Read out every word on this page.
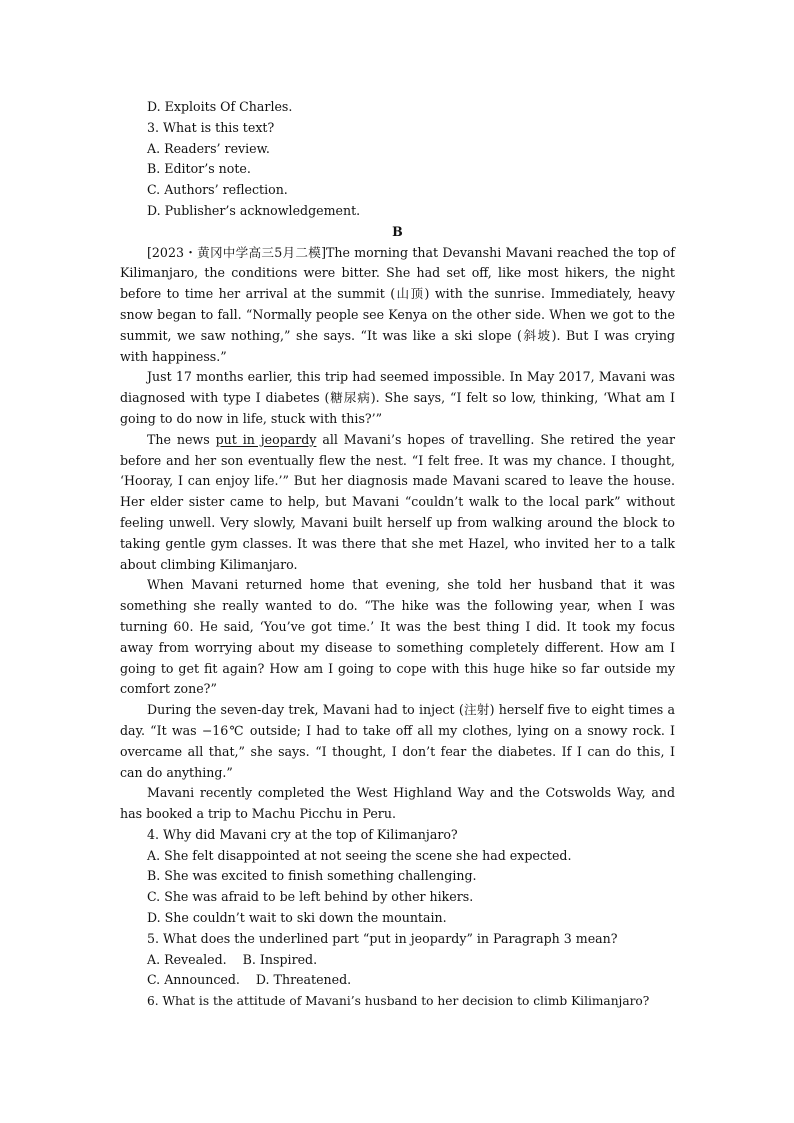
D. Exploits Of Charles.
3. What is this text?
A. Readers’ review.
B. Editor’s note.
C. Authors’ reflection.
D. Publisher’s acknowledgement.
B

[2023・黄冈中学高三5月二模]The morning that Devanshi Mavani reached the top of Kilimanjaro, the conditions were bitter. She had set off, like most hikers, the night before to time her arrival at the summit (山顶) with the sunrise. Immediately, heavy snow began to fall. “Normally people see Kenya on the other side. When we got to the summit, we saw nothing,” she says. “It was like a ski slope (斜坡). But I was crying with happiness.”

Just 17 months earlier, this trip had seemed impossible. In May 2017, Mavani was diagnosed with type I diabetes (糖尿病). She says, “I felt so low, thinking, ‘What am I going to do now in life, stuck with this?’”

The news put in jeopardy all Mavani’s hopes of travelling. She retired the year before and her son eventually flew the nest. “I felt free. It was my chance. I thought, ‘Hooray, I can enjoy life.’” But her diagnosis made Mavani scared to leave the house. Her elder sister came to help, but Mavani “couldn’t walk to the local park” without feeling unwell. Very slowly, Mavani built herself up from walking around the block to taking gentle gym classes. It was there that she met Hazel, who invited her to a talk about climbing Kilimanjaro.

When Mavani returned home that evening, she told her husband that it was something she really wanted to do. “The hike was the following year, when I was turning 60. He said, ‘You’ve got time.’ It was the best thing I did. It took my focus away from worrying about my disease to something completely different. How am I going to get fit again? How am I going to cope with this huge hike so far outside my comfort zone?”

During the seven-day trek, Mavani had to inject (注射) herself five to eight times a day. “It was −16℃ outside; I had to take off all my clothes, lying on a snowy rock. I overcame all that,” she says. “I thought, I don’t fear the diabetes. If I can do this, I can do anything.”

Mavani recently completed the West Highland Way and the Cotswolds Way, and has booked a trip to Machu Picchu in Peru.

4. Why did Mavani cry at the top of Kilimanjaro?
A. She felt disappointed at not seeing the scene she had expected.
B. She was excited to finish something challenging.
C. She was afraid to be left behind by other hikers.
D. She couldn’t wait to ski down the mountain.
5. What does the underlined part “put in jeopardy” in Paragraph 3 mean?
A. Revealed.    B. Inspired.
C. Announced.    D. Threatened.
6. What is the attitude of Mavani’s husband to her decision to climb Kilimanjaro?
